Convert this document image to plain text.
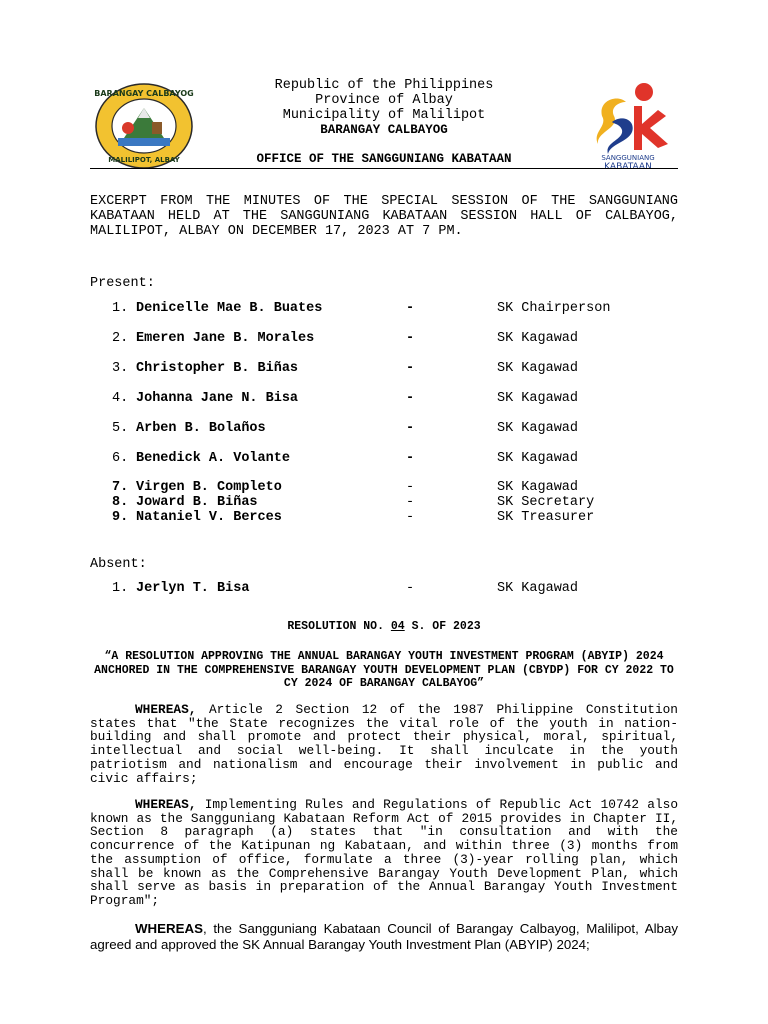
BARANGAY CALBAYOG
MALILIPOT, ALBAY	SANGGUNIANG
KABATAAN
Republic of the Philippines
Province of Albay
Municipality of Malilipot
BARANGAY CALBAYOG
OFFICE OF THE SANGGUNIANG KABATAAN
EXCERPT FROM THE MINUTES OF THE SPECIAL SESSION OF THE SANGGUNIANG KABATAAN HELD AT THE SANGGUNIANG KABATAAN SESSION HALL OF CALBAYOG, MALILIPOT, ALBAY ON DECEMBER 17, 2023 AT 7 PM.
Present:
1. Denicelle Mae B. Buates	-	SK Chairperson
2. Emeren Jane B. Morales	-	SK Kagawad
3. Christopher B. Biñas	-	SK Kagawad
4. Johanna Jane N. Bisa	-	SK Kagawad
5. Arben B. Bolaños	-	SK Kagawad
6. Benedick A. Volante	-	SK Kagawad
7. Virgen B. Completo	-	SK Kagawad
8. Joward B. Biñas	-	SK Secretary
9. Nataniel V. Berces	-	SK Treasurer
Absent:
1. Jerlyn T. Bisa	-	SK Kagawad
RESOLUTION NO. 04 S. OF 2023
“A RESOLUTION APPROVING THE ANNUAL BARANGAY YOUTH INVESTMENT PROGRAM (ABYIP) 2024 ANCHORED IN THE COMPREHENSIVE BARANGAY YOUTH DEVELOPMENT PLAN (CBYDP) FOR CY 2022 TO CY 2024 OF BARANGAY CALBAYOG”
WHEREAS, Article 2 Section 12 of the 1987 Philippine Constitution states that "the State recognizes the vital role of the youth in nation-building and shall promote and protect their physical, moral, spiritual, intellectual and social well-being. It shall inculcate in the youth patriotism and nationalism and encourage their involvement in public and civic affairs;
WHEREAS, Implementing Rules and Regulations of Republic Act 10742 also known as the Sangguniang Kabataan Reform Act of 2015 provides in Chapter II, Section 8 paragraph (a) states that "in consultation and with the concurrence of the Katipunan ng Kabataan, and within three (3) months from the assumption of office, formulate a three (3)-year rolling plan, which shall be known as the Comprehensive Barangay Youth Development Plan, which shall serve as basis in preparation of the Annual Barangay Youth Investment Program";
WHEREAS, the Sangguniang Kabataan Council of Barangay Calbayog, Malilipot, Albay agreed and approved the SK Annual Barangay Youth Investment Plan (ABYIP) 2024;
